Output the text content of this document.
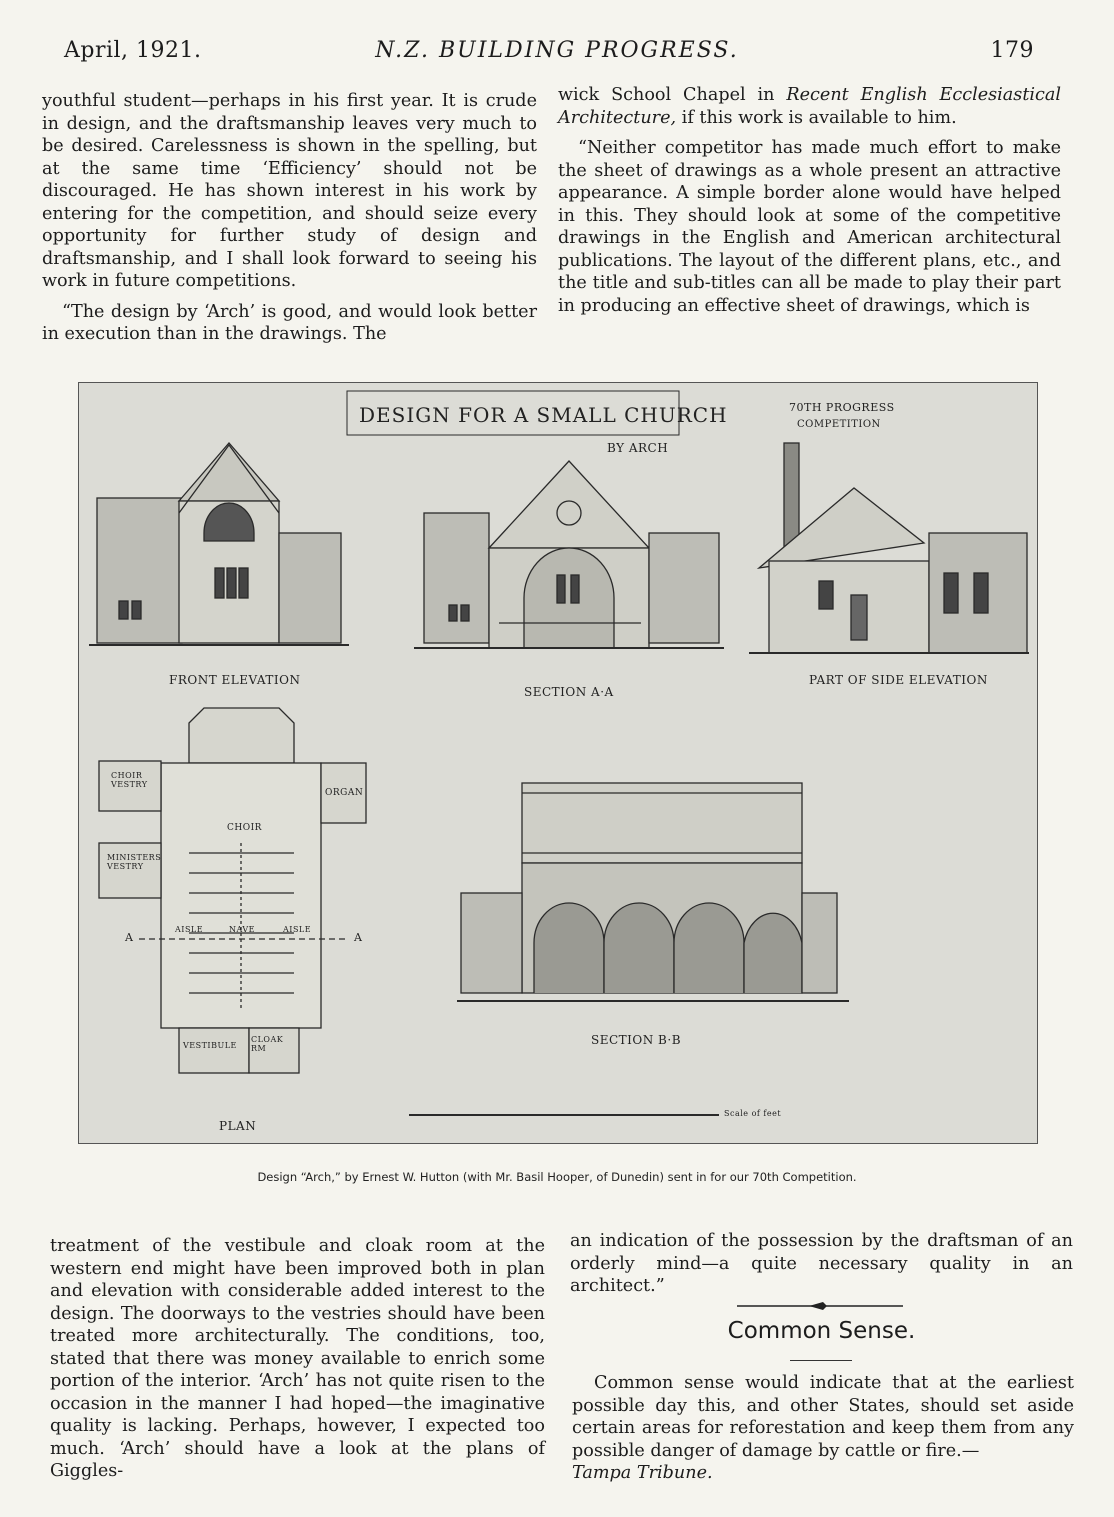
April, 1921.	N.Z. BUILDING PROGRESS.	179

youthful student—perhaps in his first year. It is crude in design, and the draftsmanship leaves very much to be desired. Carelessness is shown in the spelling, but at the same time ‘Efficiency’ should not be discouraged. He has shown interest in his work by entering for the competition, and should seize every opportunity for further study of design and draftsmanship, and I shall look forward to seeing his work in future competitions.

“The design by ‘Arch’ is good, and would look better in execution than in the drawings. The

wick School Chapel in Recent English Ecclesiastical Architecture, if this work is available to him.

“Neither competitor has made much effort to make the sheet of drawings as a whole present an attractive appearance. A simple border alone would have helped in this. They should look at some of the competitive drawings in the English and American architectural publications. The layout of the different plans, etc., and the title and sub-titles can all be made to play their part in producing an effective sheet of drawings, which is

DESIGN FOR A SMALL CHURCH
BY ARCH
70TH PROGRESS
COMPETITION
FRONT ELEVATION
SECTION A·A
PART OF SIDE ELEVATION
CHOIR VESTRY
MINISTERS VESTRY
ORGAN
CHOIR
AISLE	NAVE	AISLE
A	A
VESTIBULE
CLOAK RM
SECTION B·B
PLAN
Scale of feet
Design “Arch,” by Ernest W. Hutton (with Mr. Basil Hooper, of Dunedin) sent in for our 70th Competition.

treatment of the vestibule and cloak room at the western end might have been improved both in plan and elevation with considerable added interest to the design. The doorways to the vestries should have been treated more architecturally. The conditions, too, stated that there was money available to enrich some portion of the interior. ‘Arch’ has not quite risen to the occasion in the manner I had hoped—the imaginative quality is lacking. Perhaps, however, I expected too much. ‘Arch’ should have a look at the plans of Giggles-

an indication of the possession by the draftsman of an orderly mind—a quite necessary quality in an architect.”

Common Sense.
Common sense would indicate that at the earliest possible day this, and other States, should set aside certain areas for reforestation and keep them from any possible danger of damage by cattle or fire.—
Tampa Tribune.
